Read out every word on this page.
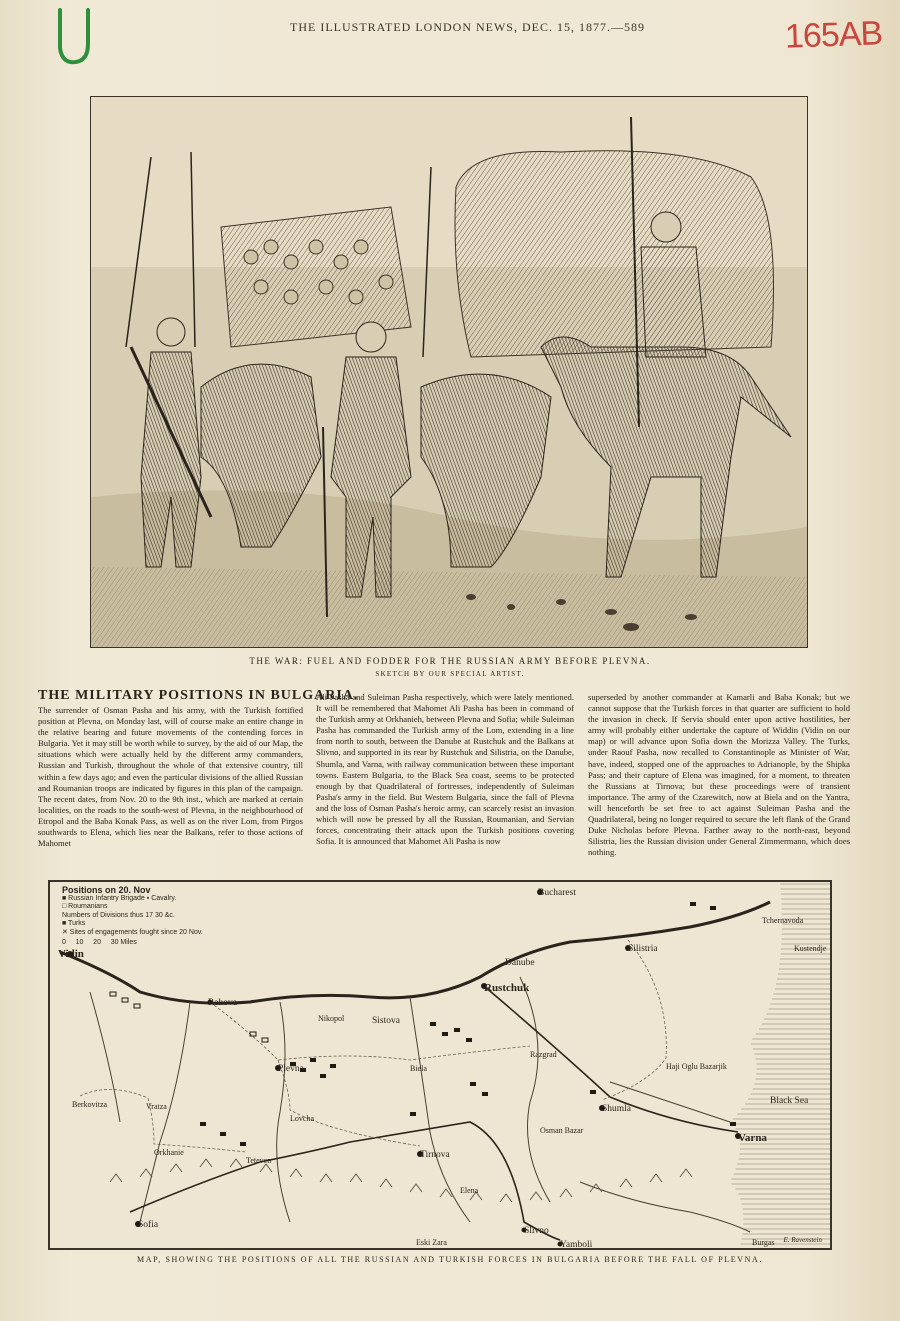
165AB
THE ILLUSTRATED LONDON NEWS, DEC. 15, 1877.—589
THE WAR: FUEL AND FODDER FOR THE RUSSIAN ARMY BEFORE PLEVNA.
SKETCH BY OUR SPECIAL ARTIST.
THE MILITARY POSITIONS IN BULGARIA.
The surrender of Osman Pasha and his army, with the Turkish fortified position at Plevna, on Monday last, will of course make an entire change in the relative bearing and future movements of the contending forces in Bulgaria. Yet it may still be worth while to survey, by the aid of our Map, the situations which were actually held by the different army commanders, Russian and Turkish, throughout the whole of that extensive country, till within a few days ago; and even the particular divisions of the allied Russian and Roumanian troops are indicated by figures in this plan of the campaign. The recent dates, from Nov. 20 to the 9th inst., which are marked at certain localities, on the roads to the south-west of Plevna, in the neighbourhood of Etropol and the Baba Konak Pass, as well as on the river Lom, from Pirgos southwards to Elena, which lies near the Balkans, refer to those actions of Mahomet
Ali Pasha and Suleiman Pasha respectively, which were lately mentioned. It will be remembered that Mahomet Ali Pasha has been in command of the Turkish army at Orkhanieh, between Plevna and Sofia; while Suleiman Pasha has commanded the Turkish army of the Lom, extending in a line from north to south, between the Danube at Rustchuk and the Balkans at Slivno, and supported in its rear by Rustchuk and Silistria, on the Danube, Shumla, and Varna, with railway communication between these important towns. Eastern Bulgaria, to the Black Sea coast, seems to be protected enough by that Quadrilateral of fortresses, independently of Suleiman Pasha's army in the field. But Western Bulgaria, since the fall of Plevna and the loss of Osman Pasha's heroic army, can scarcely resist an invasion which will now be pressed by all the Russian, Roumanian, and Servian forces, concentrating their attack upon the Turkish positions covering Sofia. It is announced that Mahomet Ali Pasha is now
superseded by another commander at Kamarli and Baba Konak; but we cannot suppose that the Turkish forces in that quarter are sufficient to hold the invasion in check. If Servia should enter upon active hostilities, her army will probably either undertake the capture of Widdin (Vidin on our map) or will advance upon Sofia down the Morizza Valley. The Turks, under Raouf Pasha, now recalled to Constantinople as Minister of War, have, indeed, stopped one of the approaches to Adrianople, by the Shipka Pass; and their capture of Elena was imagined, for a moment, to threaten the Russians at Tirnova; but these proceedings were of transient importance. The army of the Czarewitch, now at Biela and on the Yantra, will henceforth be set free to act against Suleiman Pasha and the Quadrilateral, being no longer required to secure the left flank of the Grand Duke Nicholas before Plevna. Farther away to the north-east, beyond Silistria, lies the Russian division under General Zimmermann, which does nothing.
Positions on 20. Nov
■ Russian Infantry Brigade ▪ Cavalry.
□ Roumanians
Numbers of Divisions thus 17 30 &c.
■ Turks
✕ Sites of engagements fought since 20 Nov.
0 10 20 30 Miles
Bucharest
Danube
Rustchuk
Silistria
Vidin
Rahova
Nikopol	Sistova
Plevna
Lovcha
Biela
Razgrad
Shumla
Varna
Haji Oglu Bazarjik
Tirnova
Osman Bazar
Elena
Slivno
Yamboli	Burgas
Sofia
Orkhanie
Teteven
Berkovitza	Vratza
Kustendje
Tchernavoda
Eski Zara
Black Sea
E. Ravenstein
MAP, SHOWING THE POSITIONS OF ALL THE RUSSIAN AND TURKISH FORCES IN BULGARIA BEFORE THE FALL OF PLEVNA.
